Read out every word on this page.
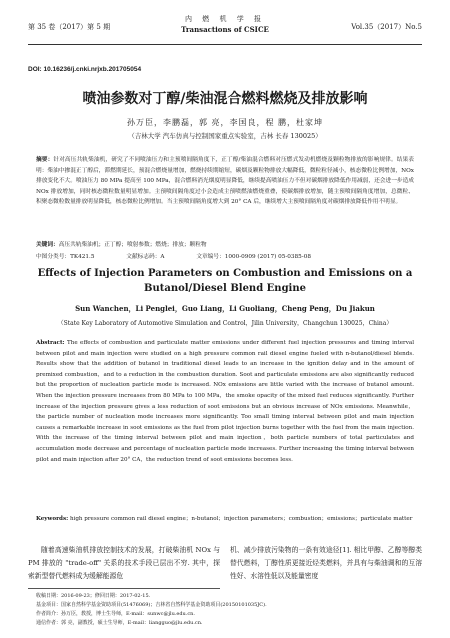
第 35 卷（2017）第 5 期
内 燃 机 学 报
Transactions of CSICE	Vol.35（2017）No.5
DOI: 10.16236/j.cnki.nrjxb.201705054
喷油参数对丁醇/柴油混合燃料燃烧及排放影响
孙万臣，李鹏磊，郭 亮，李国良，程 鹏，杜家坤
（吉林大学 汽车仿真与控制国家重点实验室，吉林 长春 130025）
摘要：针对高压共轨柴油机，研究了不同喷油压力和主预喷间隔角度下，正丁醇/柴油混合燃料对压燃式发动机燃烧及颗粒物排放的影响规律。结果表明：柴油中掺混正丁醇后，滞燃期延长，预混合燃烧量增加，燃烧持续期缩短，碳烟及颗粒物排放大幅降低，微粒粒径减小，核态微粒比例增加，NOx 排放变化不大。喷油压力 80 MPa 提高至 100 MPa，混合燃料消光烟度明显降低，继续提高喷油压力不但对碳烟排放降低作用减弱，还会进一步造成 NOx 排放增加，同时核态微粒数量明显增加。主预喷间隔角度过小会造成主预喷燃油燃烧重叠，使碳烟排放增加，随主预喷间隔角度增加，总微粒、积聚态微粒数量排放明显降低，核态微粒比例增加。当主预喷间隔角度增大到 20° CA 后，继续增大主预喷间隔角度对碳烟排放降低作用不明显。
关键词：高压共轨柴油机；正丁醇；喷射参数；燃烧；排放；颗粒物
中图分类号：TK421.5	文献标志码：A	文章编号：1000-0909 (2017) 05-0385-08
Effects of Injection Parameters on Combustion and Emissions on a Butanol/Diesel Blend Engine
Sun Wanchen，Li Penglei，Guo Liang，Li Guoliang，Cheng Peng，Du Jiakun
（State Key Laboratory of Automotive Simulation and Control，Jilin University，Changchun 130025，China）
Abstract: The effects of combustion and particulate matter emissions under different fuel injection pressures and timing interval between pilot and main injection were studied on a high pressure common rail diesel engine fueled with n-butanol/diesel blends. Results show that the addition of butanol in traditional diesel leads to an increase in the ignition delay and in the amount of premixed combustion，and to a reduction in the combustion duration. Soot and particulate emissions are also significantly reduced but the proportion of nucleation particle mode is increased. NOx emissions are little varied with the increase of butanol amount. When the injection pressure increases from 80 MPa to 100 MPa，the smoke opacity of the mixed fuel reduces significantly. Further increase of the injection pressure gives a less reduction of soot emissions but an obvious increase of NOx emissions. Meanwhile，the particle number of nucleation mode increases more significantly. Too small timing interval between pilot and main injection causes a remarkable increase in soot emissions as the fuel from pilot injection burns together with the fuel from the main injection. With the increase of the timing interval between pilot and main injection，both particle numbers of total particulates and accumulation mode decrease and percentage of nucleation particle mode increases. Further increasing the timing interval between pilot and main injection after 20° CA，the reduction trend of soot emissions becomes less.
Keywords: high pressure common rail diesel engine；n-butanol；injection parameters；combustion；emissions；particulate matter
随着高速柴油机排放控制技术的发展，打破柴油机 NOx 与 PM 排放的 "trade-off" 关系的技术手段已层出不穷. 其中，探索新型替代燃料成为缓解能源危
机、减少排放污染物的一条有效途径[1]. 相比甲醇、乙醇等醇类替代燃料，丁醇性质更接近烃类燃料，并具有与柴油调和的互溶性好、水溶性低以及能量密度
收稿日期：2016-09-23；修回日期：2017-02-15.
基金项目：国家自然科学基金资助项目(51476069)；吉林省自然科学基金资助项目(20150101035JC).
作者简介：孙万臣，教授，博士生导师，E-mail：sunwc@jlu.edu.cn.
通信作者：郭 亮，副教授，硕士生导师，E-mail：liangguo@jlu.edu.cn.
